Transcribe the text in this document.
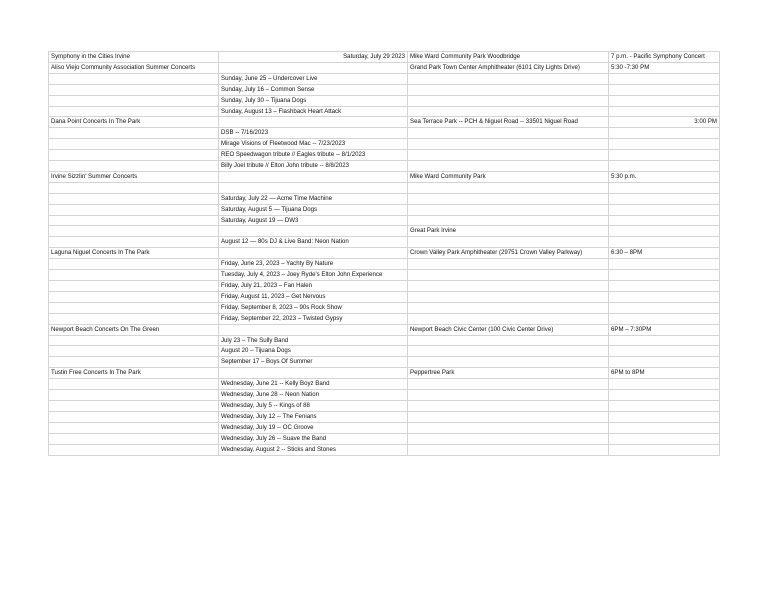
Symphony in the Cities Irvine	Saturday, July 29 2023	Mike Ward Community Park Woodbridge	7 p.m. - Pacific Symphony Concert
Aliso Viejo Community Association Summer Concerts		Grand Park Town Center Amphitheater (6101 City Lights Drive)	5:30 -7:30 PM
	Sunday, June 25 – Undercover Live		
	Sunday, July 16 – Common Sense		
	Sunday, July 30 – Tijuana Dogs		
	Sunday, August 13 – Flashback Heart Attack		
Dana Point Concerts In The Park		Sea Terrace Park -- PCH & Niguel Road -- 33501 Niguel Road	3:00 PM
	DSB -- 7/16/2023		
	Mirage Visions of Fleetwood Mac -- 7/23/2023		
	REO Speedwagon tribute // Eagles tribute -- 8/1/2023		
	Billy Joel tribute // Elton John tribute -- 8/8/2023		
Irvine Sizzlin' Summer Concerts		Mike Ward Community Park	5:30 p.m.

	Saturday, July 22 — Acme Time Machine		
	Saturday, August 5 — Tijuana Dogs		
	Saturday, August 19 — DW3		
		Great Park Irvine	
	August 12 — 80s DJ & Live Band: Neon Nation		
Laguna Niguel Concerts In The Park		Crown Valley Park Amphitheater (29751 Crown Valley Parkway)	6:30 – 8PM
	Friday, June 23, 2023 – Yachty By Nature		
	Tuesday, July 4, 2023 – Joey Ryde's Elton John Experience		
	Friday, July 21, 2023 – Fan Halen		
	Friday, August 11, 2023 – Get Nervous		
	Friday, September 8, 2023 – 90s Rock Show		
	Friday, September 22, 2023 – Twisted Gypsy		
Newport Beach Concerts On The Green		Newport Beach Civic Center (100 Civic Center Drive)	6PM – 7:30PM
	July 23 – The Sully Band		
	August 20 – Tijuana Dogs		
	September 17 – Boys Of Summer		
Tustin Free Concerts In The Park		Peppertree Park	6PM to 8PM
	Wednesday, June 21 -- Kelly Boyz Band		
	Wednesday, June 28 -- Neon Nation		
	Wednesday, July 5 -- Kings of 88		
	Wednesday, July 12 -- The Fenians		
	Wednesday, July 19 -- OC Groove		
	Wednesday, July 26 -- Suave the Band		
	Wednesday, August 2 -- Sticks and Stones		
